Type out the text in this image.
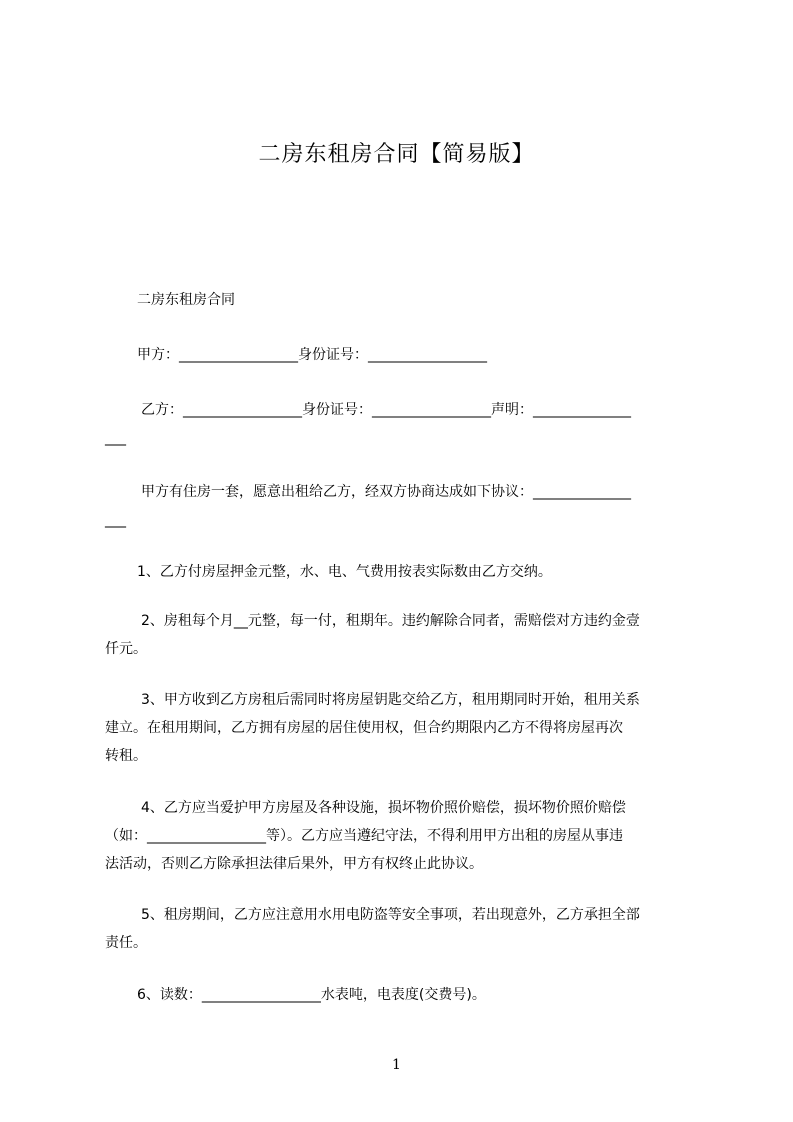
二房东租房合同【简易版】
二房东租房合同
甲方：_________________身份证号：_________________
乙方：_________________身份证号：_________________声明：______________
___
甲方有住房一套，愿意出租给乙方，经双方协商达成如下协议：______________
___
1、乙方付房屋押金元整，水、电、气费用按表实际数由乙方交纳。
2、房租每个月__元整，每一付，租期年。违约解除合同者，需赔偿对方违约金壹
仟元。
3、甲方收到乙方房租后需同时将房屋钥匙交给乙方，租用期同时开始，租用关系
建立。在租用期间，乙方拥有房屋的居住使用权，但合约期限内乙方不得将房屋再次
转租。
4、乙方应当爱护甲方房屋及各种设施，损坏物价照价赔偿，损坏物价照价赔偿
（如：_________________等）。乙方应当遵纪守法，不得利用甲方出租的房屋从事违
法活动，否则乙方除承担法律后果外，甲方有权终止此协议。
5、租房期间，乙方应注意用水用电防盗等安全事项，若出现意外，乙方承担全部
责任。
6、读数：_________________水表吨，电表度(交费号)。
1
